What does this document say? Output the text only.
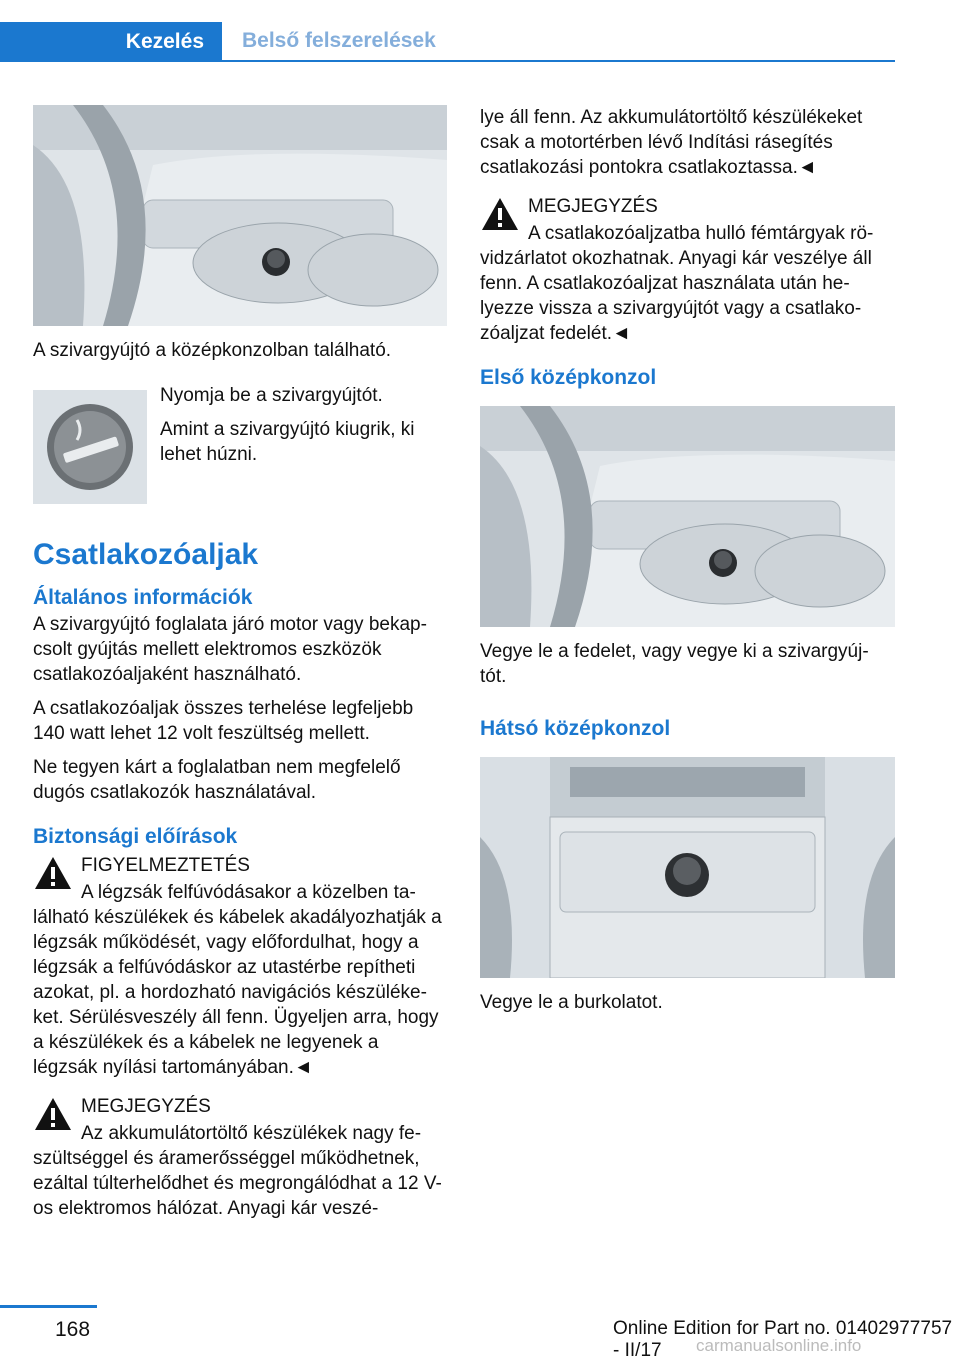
Kezelés	Belső felszerelések

A szivargyújtó a középkonzolban található.

Nyomja be a szivargyújtót.

Amint a szivargyújtó kiugrik, ki lehet húzni.

Csatlakozóaljak
Általános információk

A szivargyújtó foglalata járó motor vagy bekap-csolt gyújtás mellett elektromos eszközök csatlakozóaljaként használható.

A csatlakozóaljak összes terhelése legfeljebb 140 watt lehet 12 volt feszültség mellett.

Ne tegyen kárt a foglalatban nem megfelelő dugós csatlakozók használatával.

Biztonsági előírások

FIGYELMEZTETÉS

A légzsák felfúvódásakor a közelben ta-lálható készülékek és kábelek akadályozhatják a légzsák működését, vagy előfordulhat, hogy a légzsák a felfúvódáskor az utastérbe repítheti azokat, pl. a hordozható navigációs készüléke-ket. Sérülésveszély áll fenn. Ügyeljen arra, hogy a készülékek és a kábelek ne legyenek a légzsák nyílási tartományában.◄

MEGJEGYZÉS

Az akkumulátortöltő készülékek nagy fe-szültséggel és áramerősséggel működhetnek, ezáltal túlterhelődhet és megrongálódhat a 12 V-os elektromos hálózat. Anyagi kár veszé-

lye áll fenn. Az akkumulátortöltő készülékeket csak a motortérben lévő Indítási rásegítés csatlakozási pontokra csatlakoztassa.◄

MEGJEGYZÉS

A csatlakozóaljzatba hulló fémtárgyak rö-vidzárlatot okozhatnak. Anyagi kár veszélye áll fenn. A csatlakozóaljzat használata után he-lyezze vissza a szivargyújtót vagy a csatlako-zóaljzat fedelét.◄

Első középkonzol

Vegye le a fedelet, vagy vegye ki a szivargyúj-tót.

Hátsó középkonzol

Vegye le a burkolatot.

168	Online Edition for Part no. 01402977757 - II/17	carmanualsonline.info
